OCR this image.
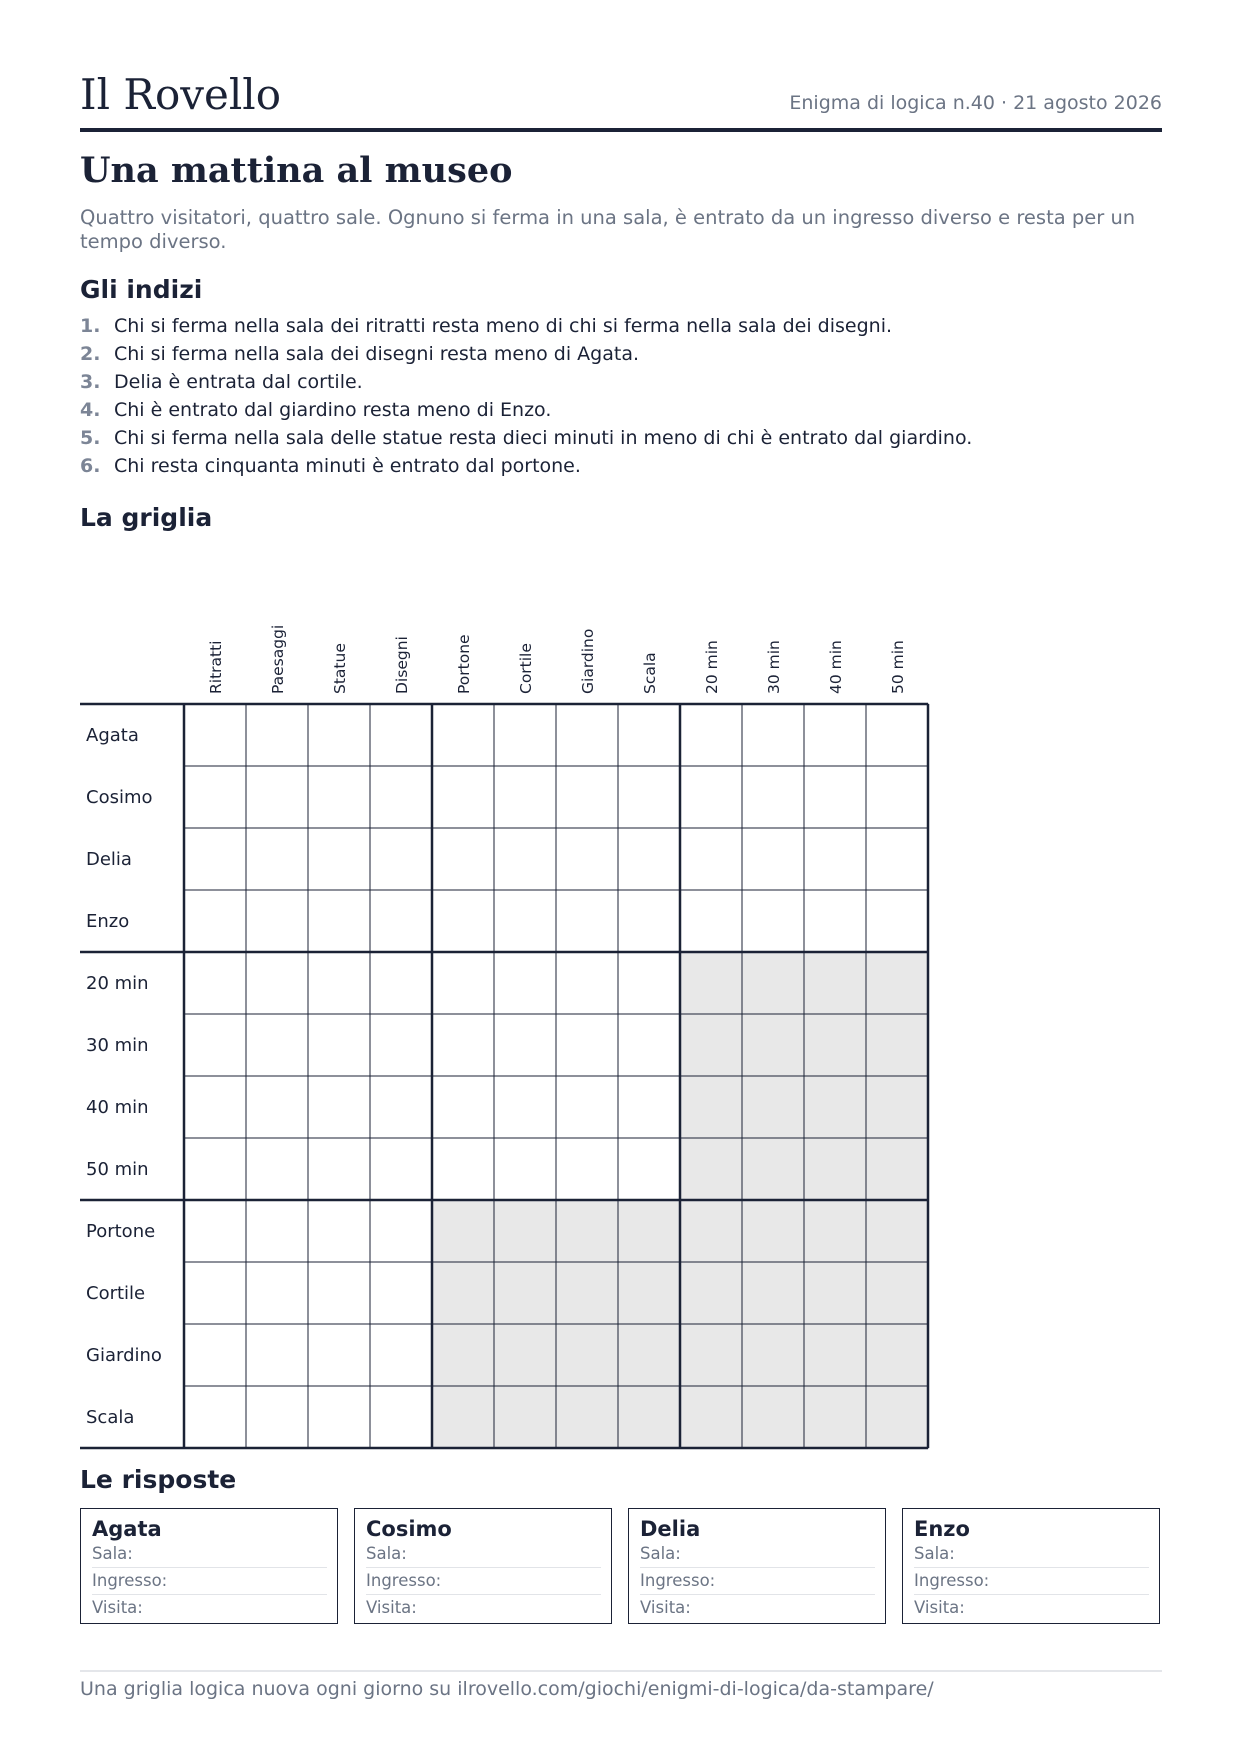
Il Rovello	Enigma di logica n.40 · 21 agosto 2026
Una mattina al museo

Quattro visitatori, quattro sale. Ognuno si ferma in una sala, è entrato da un ingresso diverso e resta per un tempo diverso.

Gli indizi
1. Chi si ferma nella sala dei ritratti resta meno di chi si ferma nella sala dei disegni.
2. Chi si ferma nella sala dei disegni resta meno di Agata.
3. Delia è entrata dal cortile.
4. Chi è entrato dal giardino resta meno di Enzo.
5. Chi si ferma nella sala delle statue resta dieci minuti in meno di chi è entrato dal giardino.
6. Chi resta cinquanta minuti è entrato dal portone.
La griglia
Ritratti	Paesaggi	Statue	Disegni	Portone	Cortile	Giardino	Scala	20 min	30 min	40 min	50 min
Agata
Cosimo
Delia
Enzo
20 min
30 min
40 min
50 min
Portone
Cortile
Giardino
Scala
Le risposte
Agata
Sala:
Ingresso:
Visita:
Cosimo
Sala:
Ingresso:
Visita:
Delia
Sala:
Ingresso:
Visita:
Enzo
Sala:
Ingresso:
Visita:
Una griglia logica nuova ogni giorno su ilrovello.com/giochi/enigmi-di-logica/da-stampare/
